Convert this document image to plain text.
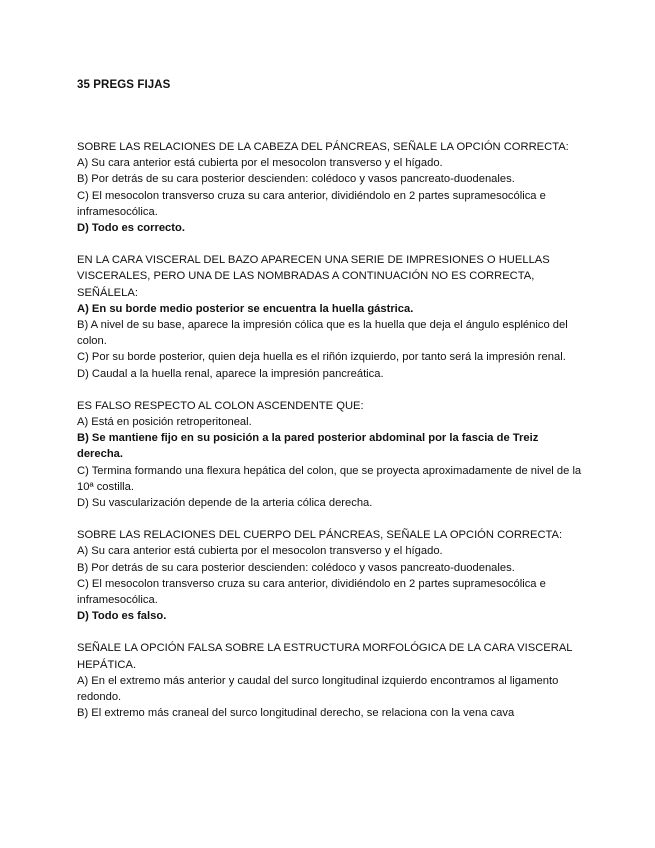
35 PREGS FIJAS

SOBRE LAS RELACIONES DE LA CABEZA DEL PÁNCREAS, SEÑALE LA OPCIÓN CORRECTA:

A) Su cara anterior está cubierta por el mesocolon transverso y el hígado.

B) Por detrás de su cara posterior descienden: colédoco y vasos pancreato-duodenales.

C) El mesocolon transverso cruza su cara anterior, dividiéndolo en 2 partes supramesocólica e inframesocólica.

D) Todo es correcto.

EN LA CARA VISCERAL DEL BAZO APARECEN UNA SERIE DE IMPRESIONES O HUELLAS VISCERALES, PERO UNA DE LAS NOMBRADAS A CONTINUACIÓN NO ES CORRECTA, SEÑÁLELA:

A) En su borde medio posterior se encuentra la huella gástrica.

B) A nivel de su base, aparece la impresión cólica que es la huella que deja el ángulo esplénico del colon.

C) Por su borde posterior, quien deja huella es el riñón izquierdo, por tanto será la impresión renal.

D) Caudal a la huella renal, aparece la impresión pancreática.

ES FALSO RESPECTO AL COLON ASCENDENTE QUE:

A) Está en posición retroperitoneal.

B) Se mantiene fijo en su posición a la pared posterior abdominal por la fascia de Treiz derecha.

C) Termina formando una flexura hepática del colon, que se proyecta aproximadamente de nivel de la 10ª costilla.

D) Su vascularización depende de la arteria cólica derecha.

SOBRE LAS RELACIONES DEL CUERPO DEL PÁNCREAS, SEÑALE LA OPCIÓN CORRECTA:

A) Su cara anterior está cubierta por el mesocolon transverso y el hígado.

B) Por detrás de su cara posterior descienden: colédoco y vasos pancreato-duodenales.

C) El mesocolon transverso cruza su cara anterior, dividiéndolo en 2 partes supramesocólica e inframesocólica.

D) Todo es falso.

SEÑALE LA OPCIÓN FALSA SOBRE LA ESTRUCTURA MORFOLÓGICA DE LA CARA VISCERAL HEPÁTICA.

A) En el extremo más anterior y caudal del surco longitudinal izquierdo encontramos al ligamento redondo.

B) El extremo más craneal del surco longitudinal derecho, se relaciona con la vena cava
